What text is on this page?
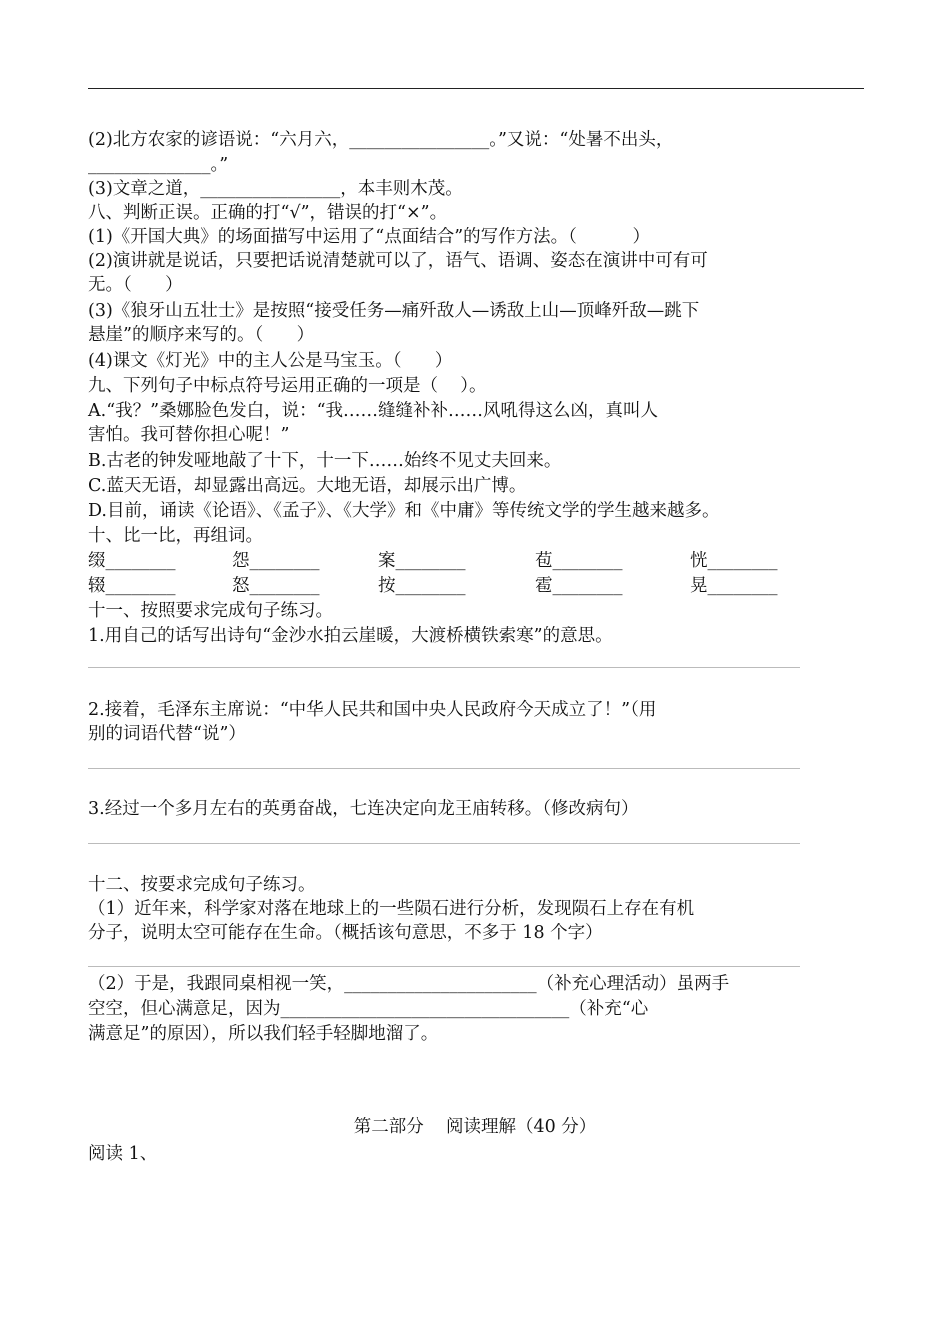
(2)北方农家的谚语说：“六月六，________________。”又说：“处暑不出头，
______________。”
(3)文章之道，________________，本丰则木茂。
八、判断正误。正确的打“√”，错误的打“×”。
(1)《开国大典》的场面描写中运用了“点面结合”的写作方法。（          ）
(2)演讲就是说话，只要把话说清楚就可以了，语气、语调、姿态在演讲中可有可
无。（      ）
(3)《狼牙山五壮士》是按照“接受任务—痛歼敌人—诱敌上山—顶峰歼敌—跳下
悬崖”的顺序来写的。（      ）
(4)课文《灯光》中的主人公是马宝玉。（      ）
九、下列句子中标点符号运用正确的一项是（    ）。
A.“我？”桑娜脸色发白，说：“我……缝缝补补……风吼得这么凶，真叫人
害怕。我可替你担心呢！”
B.古老的钟发哑地敲了十下，十一下……始终不见丈夫回来。
C.蓝天无语，却显露出高远。大地无语，却展示出广博。
D.目前，诵读《论语》、《孟子》、《大学》和《中庸》等传统文学的学生越来越多。
十、比一比，再组词。
缀________	怨________	案________	苞________	恍________
辍________	怒________	按________	雹________	晃________
十一、按照要求完成句子练习。
1.用自己的话写出诗句“金沙水拍云崖暖，大渡桥横铁索寒”的意思。
2.接着，毛泽东主席说：“中华人民共和国中央人民政府今天成立了！”（用
别的词语代替“说”）
3.经过一个多月左右的英勇奋战，七连决定向龙王庙转移。（修改病句）
十二、按要求完成句子练习。
（1）近年来，科学家对落在地球上的一些陨石进行分析，发现陨石上存在有机
分子，说明太空可能存在生命。（概括该句意思，不多于 18 个字）
（2）于是，我跟同桌相视一笑，______________________（补充心理活动）虽两手
空空，但心满意足，因为_________________________________（补充“心
满意足”的原因），所以我们轻手轻脚地溜了。
第二部分    阅读理解（40 分）
阅读 1、
